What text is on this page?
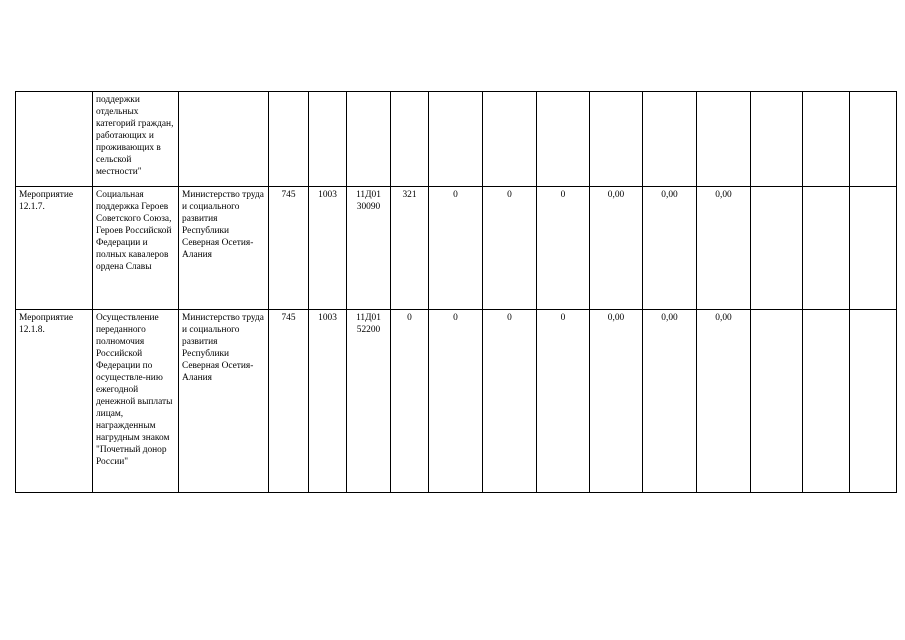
	поддержки отдельных категорий граждан, работающих и проживающих в сельской местности"														
Мероприятие 12.1.7.	Социальная поддержка Героев Советского Союза, Героев Российской Федерации и полных кавалеров ордена Славы	Министерство труда и социального развития Республики Северная Осетия-Алания	745	1003	11Д01 30090	321	0	0	0	0,00	0,00	0,00			
Мероприятие 12.1.8.	Осуществление переданного полномочия Российской Федерации по осуществле-нию ежегодной денежной выплаты лицам, награжденным нагрудным знаком "Почетный донор России"	Министерство труда и социального развития Республики Северная Осетия-Алания	745	1003	11Д01 52200	0	0	0	0	0,00	0,00	0,00			
